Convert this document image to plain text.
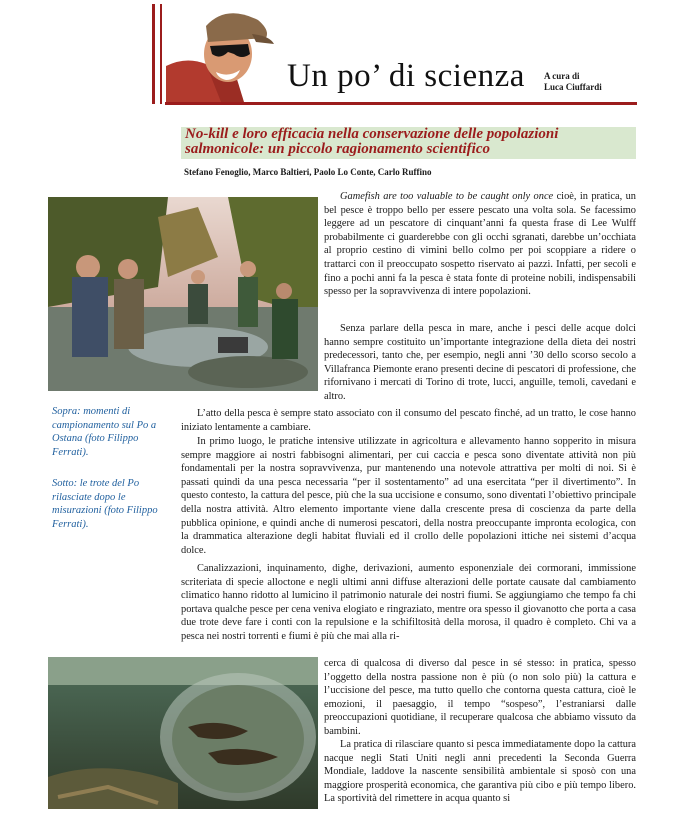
Un po’ di scienza A cura di
Luca Ciuffardi
No-kill e loro efficacia nella conservazione delle popolazioni salmonicole: un piccolo ragionamento scientifico
Stefano Fenoglio, Marco Baltieri, Paolo Lo Conte, Carlo Ruffino
Sopra: momenti di campionamento sul Po a Ostana (foto Filippo Ferrati).
Sotto: le trote del Po rilasciate dopo le misurazioni (foto Filippo Ferrati).

Gamefish are too valuable to be caught only once cioè, in pratica, un bel pesce è troppo bello per essere pescato una volta sola. Se facessimo leggere ad un pescatore di cinquant’anni fa questa frase di Lee Wulff probabilmente ci guarderebbe con gli occhi sgranati, darebbe un’occhiata al proprio cestino di vimini bello colmo per poi scoppiare a ridere o trattarci con il preoccupato sospetto riservato ai pazzi. Infatti, per secoli e fino a pochi anni fa la pesca è stata fonte di proteine nobili, indispensabili spesso per la sopravvivenza di intere popolazioni.

Senza parlare della pesca in mare, anche i pesci delle acque dolci hanno sempre costituito un’importante integrazione della dieta dei nostri predecessori, tanto che, per esempio, negli anni ’30 dello scorso secolo a Villafranca Piemonte erano presenti decine di pescatori di professione, che rifornivano i mercati di Torino di trote, lucci, anguille, temoli, cavedani e altro.

L’atto della pesca è sempre stato associato con il consumo del pescato finché, ad un tratto, le cose hanno iniziato lentamente a cambiare.

In primo luogo, le pratiche intensive utilizzate in agricoltura e allevamento hanno sopperito in misura sempre maggiore ai nostri fabbisogni alimentari, per cui caccia e pesca sono diventate attività non più fondamentali per la nostra sopravvivenza, pur mantenendo una notevole attrattiva per molti di noi. Si è passati quindi da una pesca necessaria “per il sostentamento” ad una esercitata “per il divertimento”. In questo contesto, la cattura del pesce, più che la sua uccisione e consumo, sono diventati l’obiettivo principale della nostra attività. Altro elemento importante viene dalla crescente presa di coscienza da parte della pubblica opinione, e quindi anche di numerosi pescatori, della nostra preoccupante impronta ecologica, con la drammatica alterazione degli habitat fluviali ed il crollo delle popolazioni ittiche nei sistemi d’acqua dolce.

Canalizzazioni, inquinamento, dighe, derivazioni, aumento esponenziale dei cormorani, immissione scriteriata di specie alloctone e negli ultimi anni diffuse alterazioni delle portate causate dal cambiamento climatico hanno ridotto al lumicino il patrimonio naturale dei nostri fiumi. Se aggiungiamo che tempo fa chi portava qualche pesce per cena veniva elogiato e ringraziato, mentre ora spesso il giovanotto che porta a casa due trote deve fare i conti con la repulsione e la schifiltosità della morosa, il quadro è completo. Chi va a pesca nei nostri torrenti e fiumi è più che mai alla ri-

cerca di qualcosa di diverso dal pesce in sé stesso: in pratica, spesso l’oggetto della nostra passione non è più (o non solo più) la cattura e l’uccisione del pesce, ma tutto quello che contorna questa cattura, cioè le emozioni, il paesaggio, il tempo “sospeso”, l’estraniarsi dalle preoccupazioni quotidiane, il recuperare qualcosa che abbiamo vissuto da bambini.

La pratica di rilasciare quanto si pesca immediatamente dopo la cattura nacque negli Stati Uniti negli anni precedenti la Seconda Guerra Mondiale, laddove la nascente sensibilità ambientale si sposò con una maggiore prosperità economica, che garantiva più cibo e più tempo libero. La sportività del rimettere in acqua quanto si
